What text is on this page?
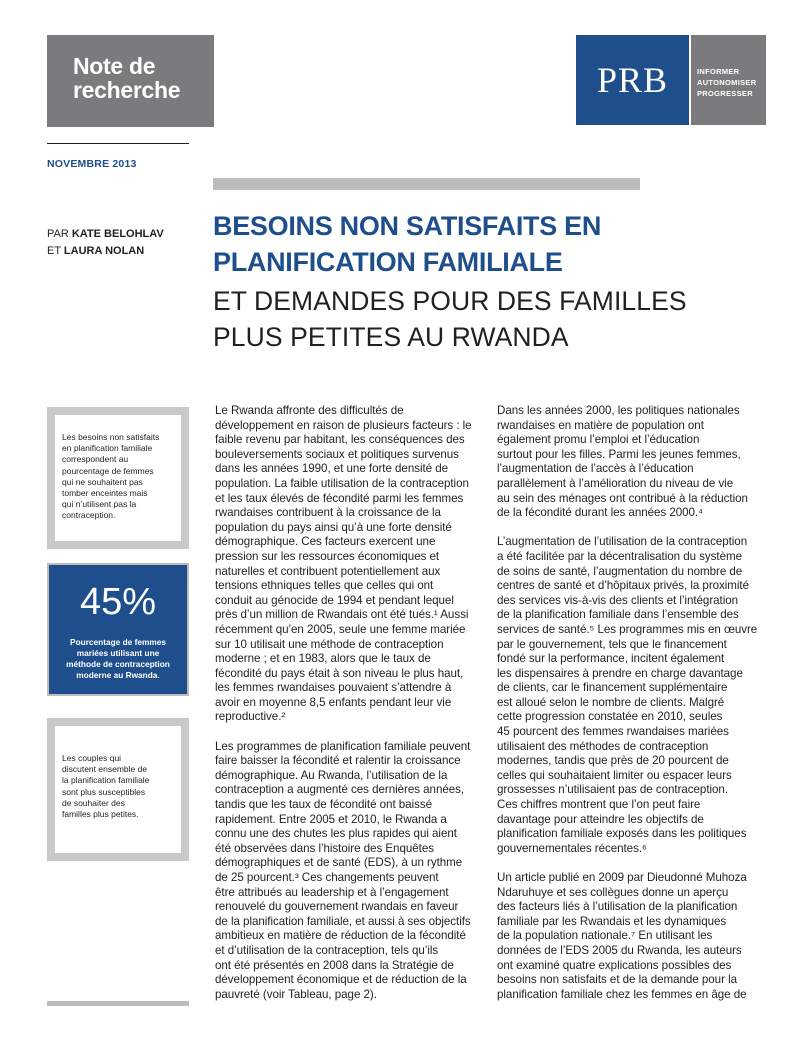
Note de
recherche	PRB	INFORMER
AUTONOMISER
PROGRESSER
NOVEMBRE 2013
PAR KATE BELOHLAV
ET LAURA NOLAN
BESOINS NON SATISFAITS EN
PLANIFICATION FAMILIALE
ET DEMANDES POUR DES FAMILLES
PLUS PETITES AU RWANDA
Les besoins non satisfaits
en planification familiale
correspondent au
pourcentage de femmes
qui ne souhaitent pas
tomber enceintes mais
qui n’utilisent pas la
contraception.
45%
Pourcentage de femmes
mariées utilisant une
méthode de contraception
moderne au Rwanda.
Les couples qui
discutent ensemble de
la planification familiale
sont plus susceptibles
de souhaiter des
familles plus petites.
Le Rwanda affronte des difficultés de
développement en raison de plusieurs facteurs : le
faible revenu par habitant, les conséquences des
bouleversements sociaux et politiques survenus
dans les années 1990, et une forte densité de
population. La faible utilisation de la contraception
et les taux élevés de fécondité parmi les femmes
rwandaises contribuent à la croissance de la
population du pays ainsi qu’à une forte densité
démographique. Ces facteurs exercent une
pression sur les ressources économiques et
naturelles et contribuent potentiellement aux
tensions ethniques telles que celles qui ont
conduit au génocide de 1994 et pendant lequel
près d’un million de Rwandais ont été tués.¹ Aussi
récemment qu’en 2005, seule une femme mariée
sur 10 utilisait une méthode de contraception
moderne ; et en 1983, alors que le taux de
fécondité du pays était à son niveau le plus haut,
les femmes rwandaises pouvaient s’attendre à
avoir en moyenne 8,5 enfants pendant leur vie
reproductive.²
Les programmes de planification familiale peuvent
faire baisser la fécondité et ralentir la croissance
démographique. Au Rwanda, l’utilisation de la
contraception a augmenté ces dernières années,
tandis que les taux de fécondité ont baissé
rapidement. Entre 2005 et 2010, le Rwanda a
connu une des chutes les plus rapides qui aient
été observées dans l’histoire des Enquêtes
démographiques et de santé (EDS), à un rythme
de 25 pourcent.³ Ces changements peuvent
être attribués au leadership et à l’engagement
renouvelé du gouvernement rwandais en faveur
de la planification familiale, et aussi à ses objectifs
ambitieux en matière de réduction de la fécondité
et d’utilisation de la contraception, tels qu’ils
ont été présentés en 2008 dans la Stratégie de
développement économique et de réduction de la
pauvreté (voir Tableau, page 2).
Dans les années 2000, les politiques nationales
rwandaises en matière de population ont
également promu l’emploi et l’éducation
surtout pour les filles. Parmi les jeunes femmes,
l’augmentation de l’accès à l’éducation
parallèlement à l’amélioration du niveau de vie
au sein des ménages ont contribué à la réduction
de la fécondité durant les années 2000.⁴
L’augmentation de l’utilisation de la contraception
a été facilitée par la décentralisation du système
de soins de santé, l’augmentation du nombre de
centres de santé et d’hôpitaux privés, la proximité
des services vis-à-vis des clients et l’intégration
de la planification familiale dans l’ensemble des
services de santé.⁵ Les programmes mis en œuvre
par le gouvernement, tels que le financement
fondé sur la performance, incitent également
les dispensaires à prendre en charge davantage
de clients, car le financement supplémentaire
est alloué selon le nombre de clients. Malgré
cette progression constatée en 2010, seules
45 pourcent des femmes rwandaises mariées
utilisaient des méthodes de contraception
modernes, tandis que près de 20 pourcent de
celles qui souhaitaient limiter ou espacer leurs
grossesses n’utilisaient pas de contraception.
Ces chiffres montrent que l’on peut faire
davantage pour atteindre les objectifs de
planification familiale exposés dans les politiques
gouvernementales récentes.⁶
Un article publié en 2009 par Dieudonné Muhoza
Ndaruhuye et ses collègues donne un aperçu
des facteurs liés à l’utilisation de la planification
familiale par les Rwandais et les dynamiques
de la population nationale.⁷ En utilisant les
données de l’EDS 2005 du Rwanda, les auteurs
ont examiné quatre explications possibles des
besoins non satisfaits et de la demande pour la
planification familiale chez les femmes en âge de
